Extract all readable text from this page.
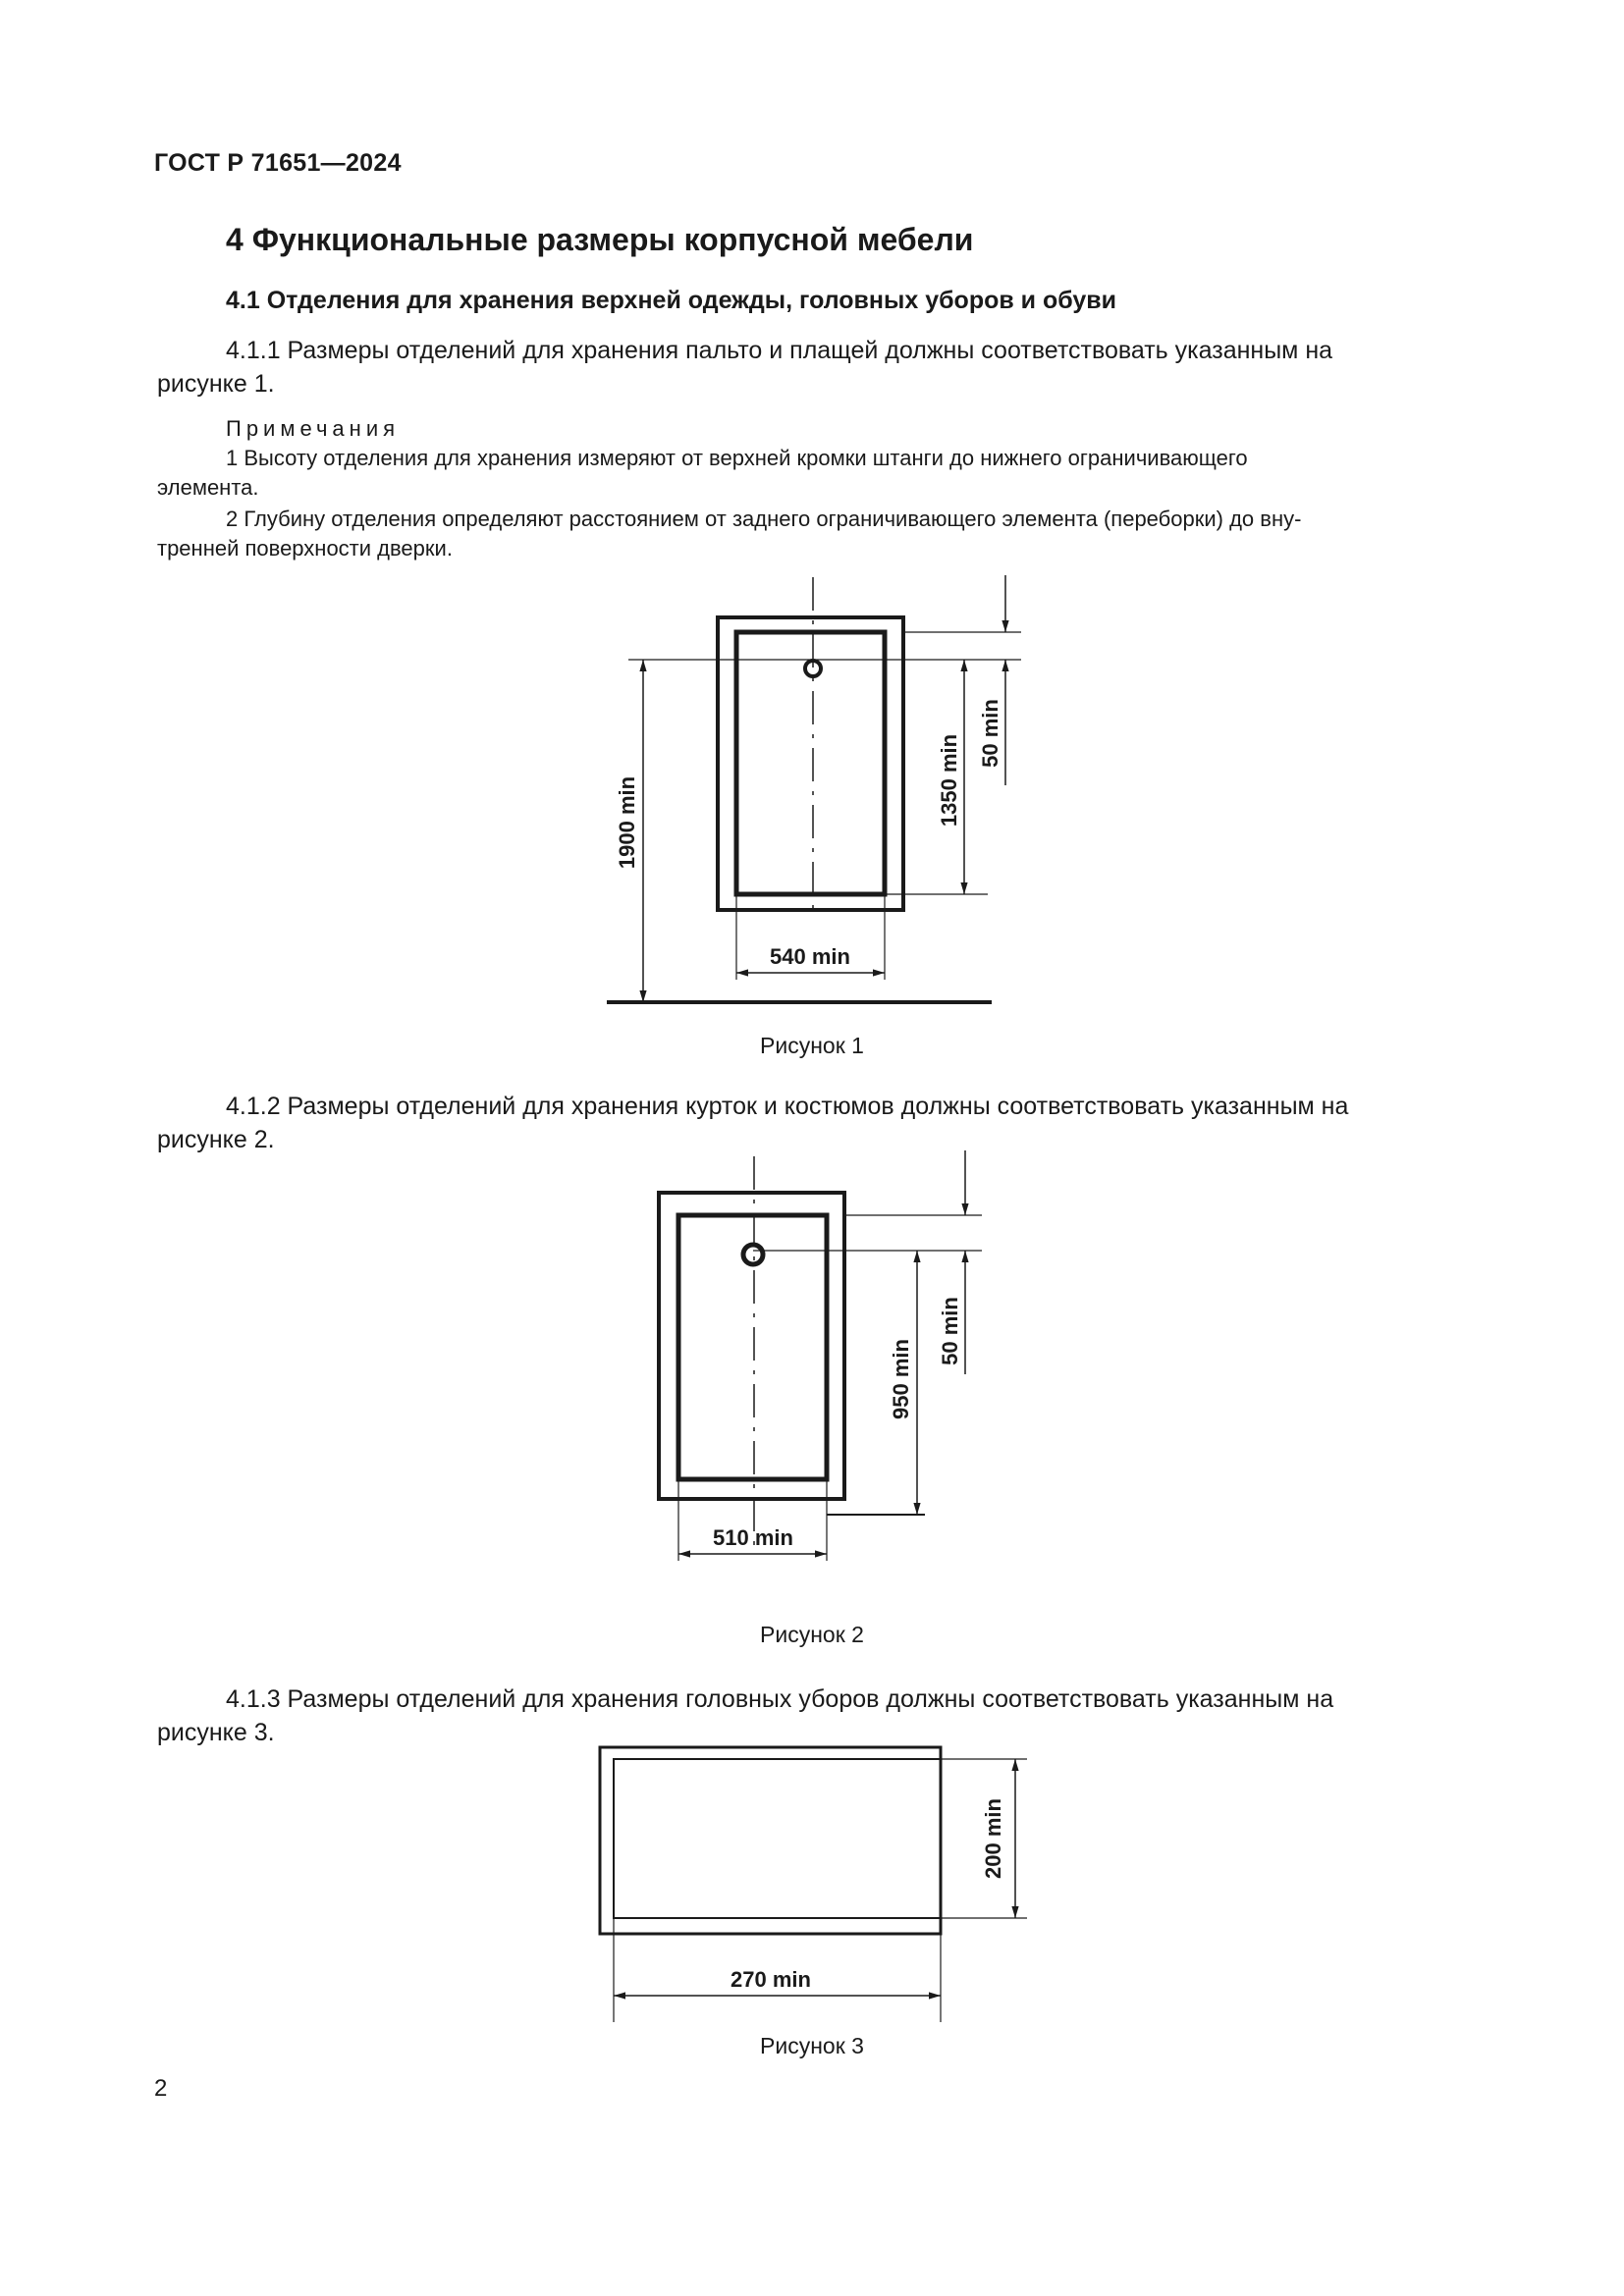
ГОСТ Р 71651—2024
4 Функциональные размеры корпусной мебели
4.1 Отделения для хранения верхней одежды, головных уборов и обуви
4.1.1 Размеры отделений для хранения пальто и плащей должны соответствовать указанным на
рисунке 1.
Примечания
1 Высоту отделения для хранения измеряют от верхней кромки штанги до нижнего ограничивающего
элемента.
2 Глубину отделения определяют расстоянием от заднего ограничивающего элемента (переборки) до вну-
тренней поверхности дверки.
1900 min	1350 min
50 min
540 min
Рисунок 1
4.1.2 Размеры отделений для хранения курток и костюмов должны соответствовать указанным на
рисунке 2.
950 min
50 min
510 min
Рисунок 2
4.1.3 Размеры отделений для хранения головных уборов должны соответствовать указанным на
рисунке 3.
200 min
270 min
Рисунок 3
2
